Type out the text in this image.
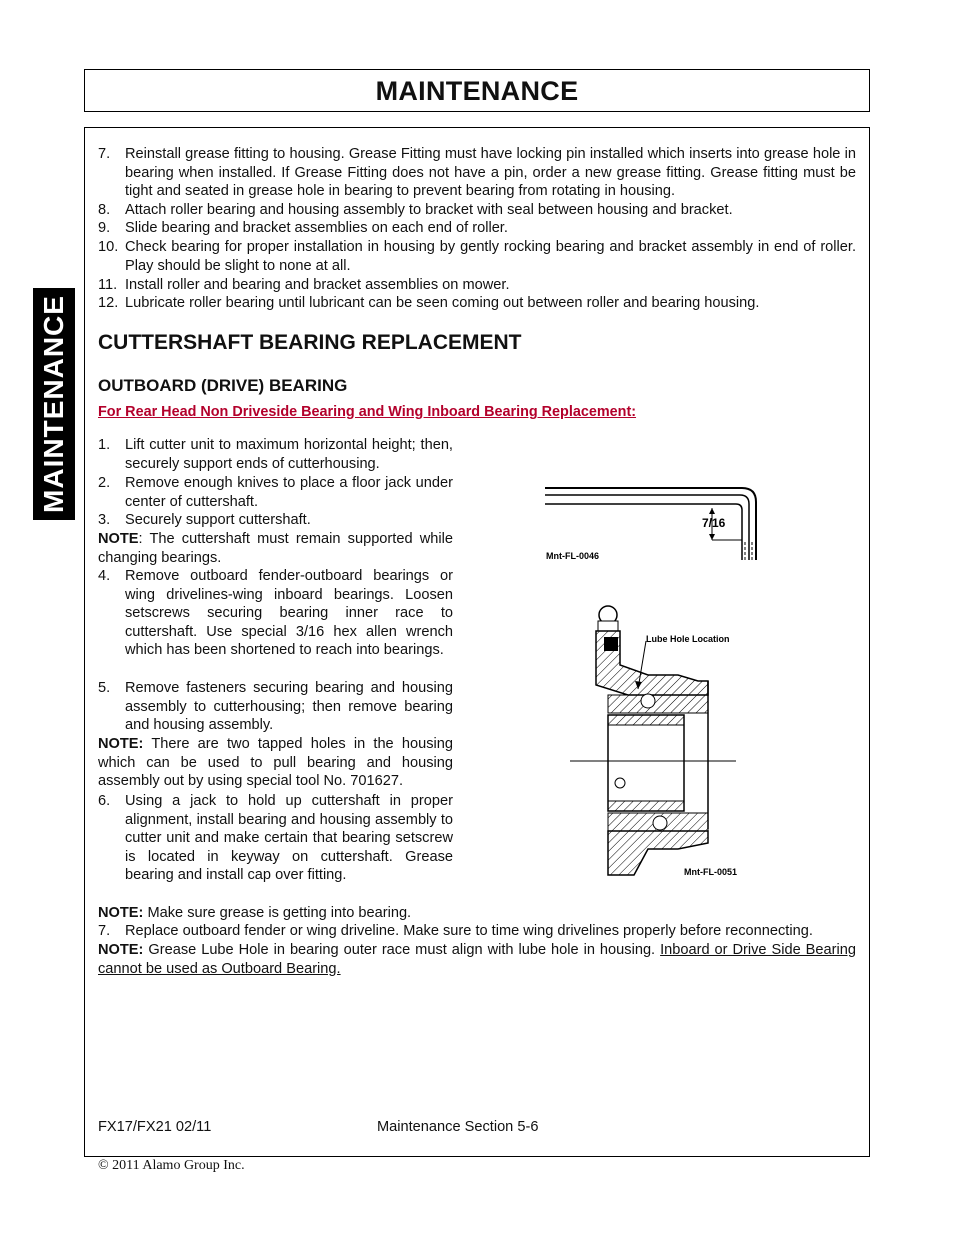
MAINTENANCE
MAINTENANCE
7. Reinstall grease fitting to housing. Grease Fitting must have locking pin installed which inserts into grease hole in bearing when installed. If Grease Fitting does not have a pin, order a new grease fitting. Grease fitting must be tight and seated in grease hole in bearing to prevent bearing from rotating in housing.
8. Attach roller bearing and housing assembly to bracket with seal between housing and bracket.
9. Slide bearing and bracket assemblies on each end of roller.
10. Check bearing for proper installation in housing by gently rocking bearing and bracket assembly in end of roller. Play should be slight to none at all.
11. Install roller and bearing and bracket assemblies on mower.
12. Lubricate roller bearing until lubricant can be seen coming out between roller and bearing housing.
CUTTERSHAFT BEARING REPLACEMENT
OUTBOARD (DRIVE) BEARING
For Rear Head Non Driveside Bearing and Wing Inboard Bearing Replacement:
1. Lift cutter unit to maximum horizontal height; then, securely support ends of cutterhousing.
2. Remove enough knives to place a floor jack under center of cuttershaft.
3. Securely support cuttershaft.
NOTE: The cuttershaft must remain supported while changing bearings.
4. Remove outboard fender-outboard bearings or wing drivelines-wing inboard bearings. Loosen setscrews securing bearing inner race to cuttershaft. Use special 3/16 hex allen wrench which has been shortened to reach into bearings.
5. Remove fasteners securing bearing and housing assembly to cutterhousing; then remove bearing and housing assembly.
NOTE: There are two tapped holes in the housing which can be used to pull bearing and housing assembly out by using special tool No. 701627.
6. Using a jack to hold up cuttershaft in proper alignment, install bearing and housing assembly to cutter unit and make certain that bearing setscrew is located in keyway on cuttershaft. Grease bearing and install cap over fitting.
NOTE: Make sure grease is getting into bearing.
7. Replace outboard fender or wing driveline. Make sure to time wing drivelines properly before reconnecting.
NOTE: Grease Lube Hole in bearing outer race must align with lube hole in housing. Inboard or Drive Side Bearing cannot be used as Outboard Bearing.
7/16
Mnt-FL-0046
Lube Hole Location
Mnt-FL-0051
FX17/FX21 02/11	Maintenance Section 5-6
© 2011 Alamo Group Inc.
